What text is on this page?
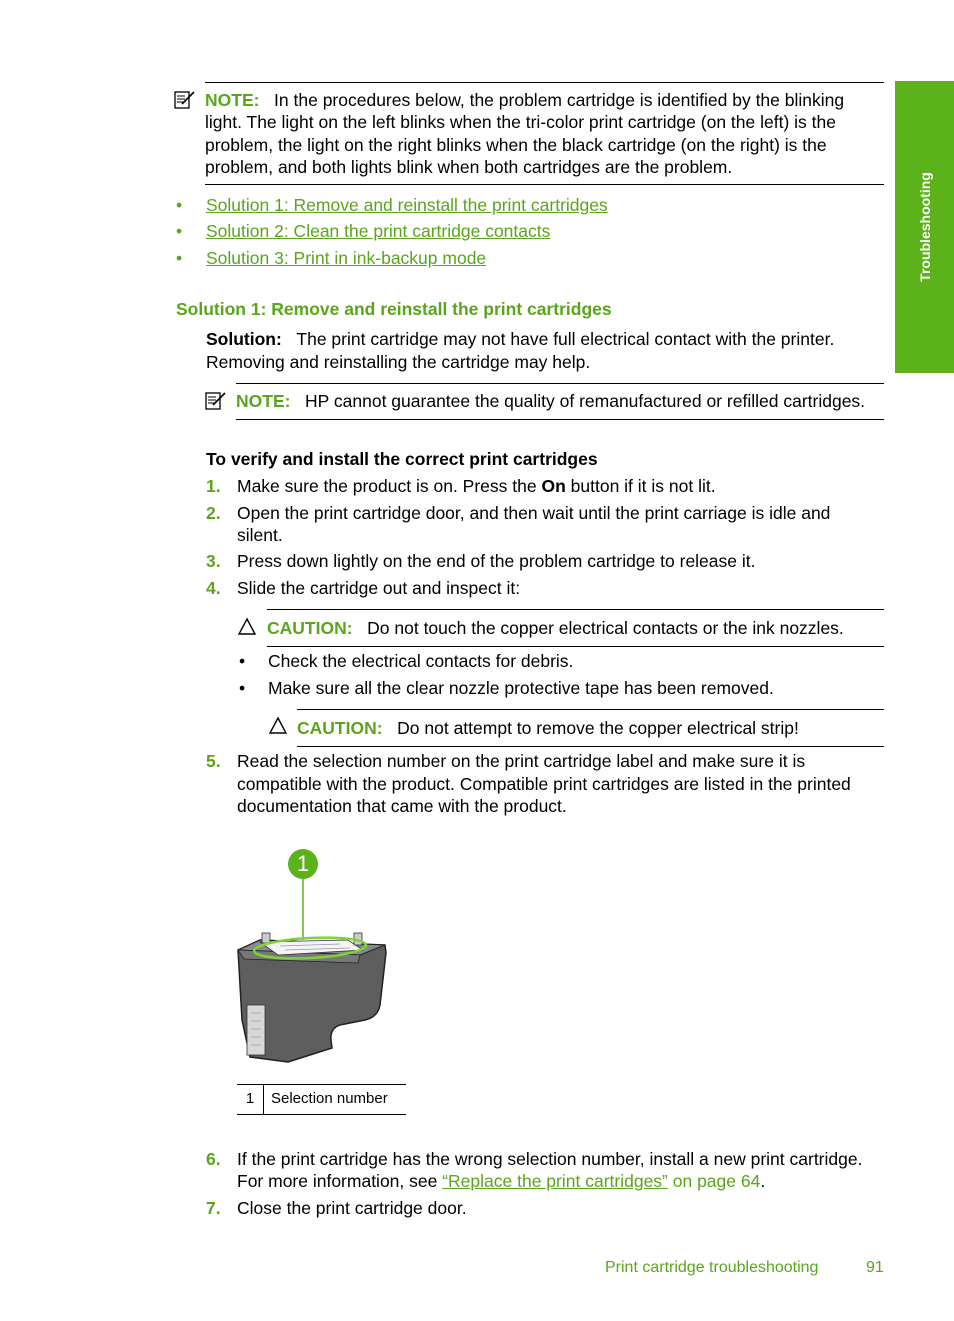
Troubleshooting
NOTE: In the procedures below, the problem cartridge is identified by the blinking
light. The light on the left blinks when the tri-color print cartridge (on the left) is the
problem, the light on the right blinks when the black cartridge (on the right) is the
problem, and both lights blink when both cartridges are the problem.
• Solution 1: Remove and reinstall the print cartridges
• Solution 2: Clean the print cartridge contacts
• Solution 3: Print in ink-backup mode
Solution 1: Remove and reinstall the print cartridges
Solution: The print cartridge may not have full electrical contact with the printer.
Removing and reinstalling the cartridge may help.
NOTE: HP cannot guarantee the quality of remanufactured or refilled cartridges.
To verify and install the correct print cartridges
1. Make sure the product is on. Press the On button if it is not lit.
2. Open the print cartridge door, and then wait until the print carriage is idle and
silent.
3. Press down lightly on the end of the problem cartridge to release it.
4. Slide the cartridge out and inspect it:
CAUTION: Do not touch the copper electrical contacts or the ink nozzles.
• Check the electrical contacts for debris.
• Make sure all the clear nozzle protective tape has been removed.
CAUTION: Do not attempt to remove the copper electrical strip!
5. Read the selection number on the print cartridge label and make sure it is
compatible with the product. Compatible print cartridges are listed in the printed
documentation that came with the product.
1
1	Selection number
6. If the print cartridge has the wrong selection number, install a new print cartridge.
For more information, see “Replace the print cartridges” on page 64.
7. Close the print cartridge door.
Print cartridge troubleshooting	91
